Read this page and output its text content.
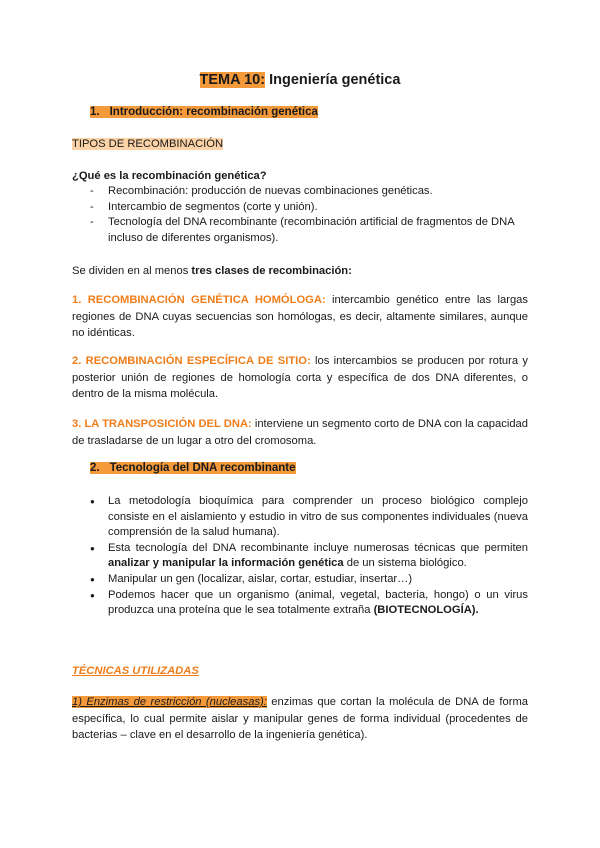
TEMA 10: Ingeniería genética
1. Introducción: recombinación genética
TIPOS DE RECOMBINACIÓN
¿Qué es la recombinación genética?
- Recombinación: producción de nuevas combinaciones genéticas.
- Intercambio de segmentos (corte y unión).
- Tecnología del DNA recombinante (recombinación artificial de fragmentos de DNA incluso de diferentes organismos).
Se dividen en al menos tres clases de recombinación:
1. RECOMBINACIÓN GENÉTICA HOMÓLOGA: intercambio genético entre las largas regiones de DNA cuyas secuencias son homólogas, es decir, altamente similares, aunque no idénticas.
2. RECOMBINACIÓN ESPECÍFICA DE SITIO: los intercambios se producen por rotura y posterior unión de regiones de homología corta y específica de dos DNA diferentes, o dentro de la misma molécula.
3. LA TRANSPOSICIÓN DEL DNA: interviene un segmento corto de DNA con la capacidad de trasladarse de un lugar a otro del cromosoma.
2. Tecnología del DNA recombinante
● La metodología bioquímica para comprender un proceso biológico complejo consiste en el aislamiento y estudio in vitro de sus componentes individuales (nueva comprensión de la salud humana).
● Esta tecnología del DNA recombinante incluye numerosas técnicas que permiten analizar y manipular la información genética de un sistema biológico.
● Manipular un gen (localizar, aislar, cortar, estudiar, insertar…)
● Podemos hacer que un organismo (animal, vegetal, bacteria, hongo) o un virus produzca una proteína que le sea totalmente extraña (BIOTECNOLOGÍA).
TÉCNICAS UTILIZADAS
1) Enzimas de restricción (nucleasas): enzimas que cortan la molécula de DNA de forma específica, lo cual permite aislar y manipular genes de forma individual (procedentes de bacterias – clave en el desarrollo de la ingeniería genética).
